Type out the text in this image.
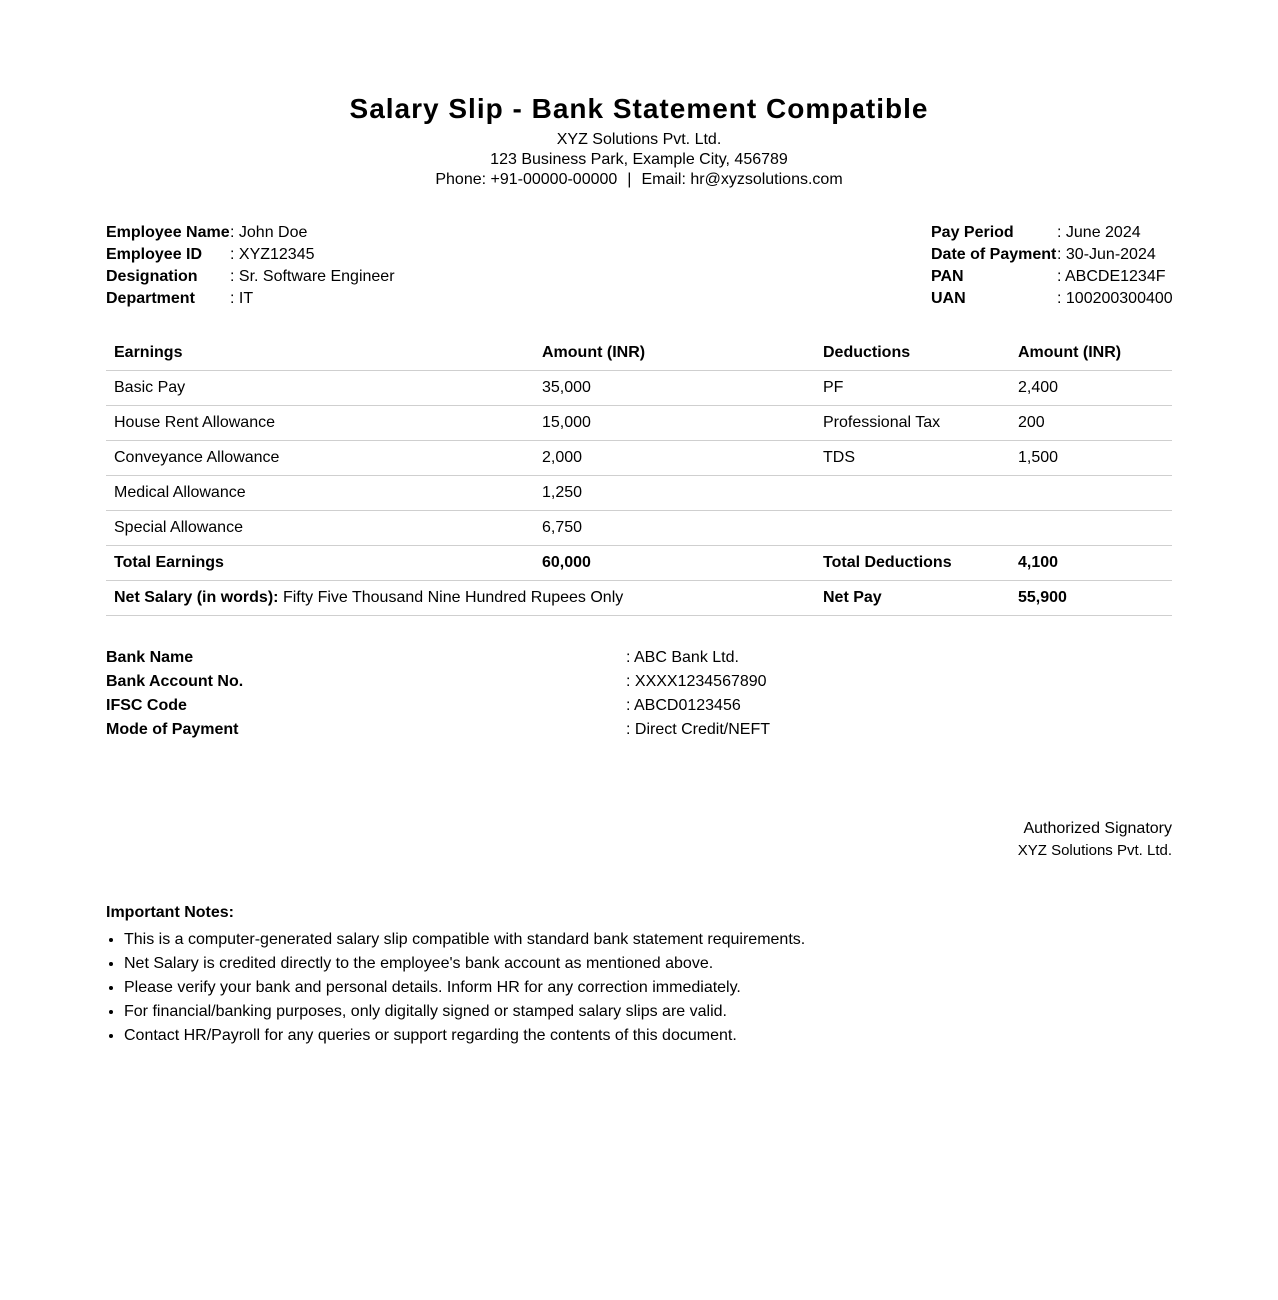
Salary Slip - Bank Statement Compatible
XYZ Solutions Pvt. Ltd.
123 Business Park, Example City, 456789
Phone: +91-00000-00000 | Email: hr@xyzsolutions.com
Employee Name : John Doe
Employee ID	: XYZ12345
Designation	: Sr. Software Engineer
Department	: IT
Pay Period	: June 2024
Date of Payment : 30-Jun-2024
PAN	: ABCDE1234F
UAN	: 100200300400
Earnings	Amount (INR)	Deductions	Amount (INR)
Basic Pay	35,000	PF	2,400
House Rent Allowance	15,000	Professional Tax	200
Conveyance Allowance	2,000	TDS	1,500
Medical Allowance	1,250		
Special Allowance	6,750		
Total Earnings	60,000	Total Deductions	4,100
Net Salary (in words): Fifty Five Thousand Nine Hundred Rupees Only		Net Pay	55,900
Bank Name	: ABC Bank Ltd.
Bank Account No.	: XXXX1234567890
IFSC Code	: ABCD0123456
Mode of Payment	: Direct Credit/NEFT
Authorized Signatory
XYZ Solutions Pvt. Ltd.
Important Notes:
• This is a computer-generated salary slip compatible with standard bank statement requirements.
• Net Salary is credited directly to the employee's bank account as mentioned above.
• Please verify your bank and personal details. Inform HR for any correction immediately.
• For financial/banking purposes, only digitally signed or stamped salary slips are valid.
• Contact HR/Payroll for any queries or support regarding the contents of this document.
